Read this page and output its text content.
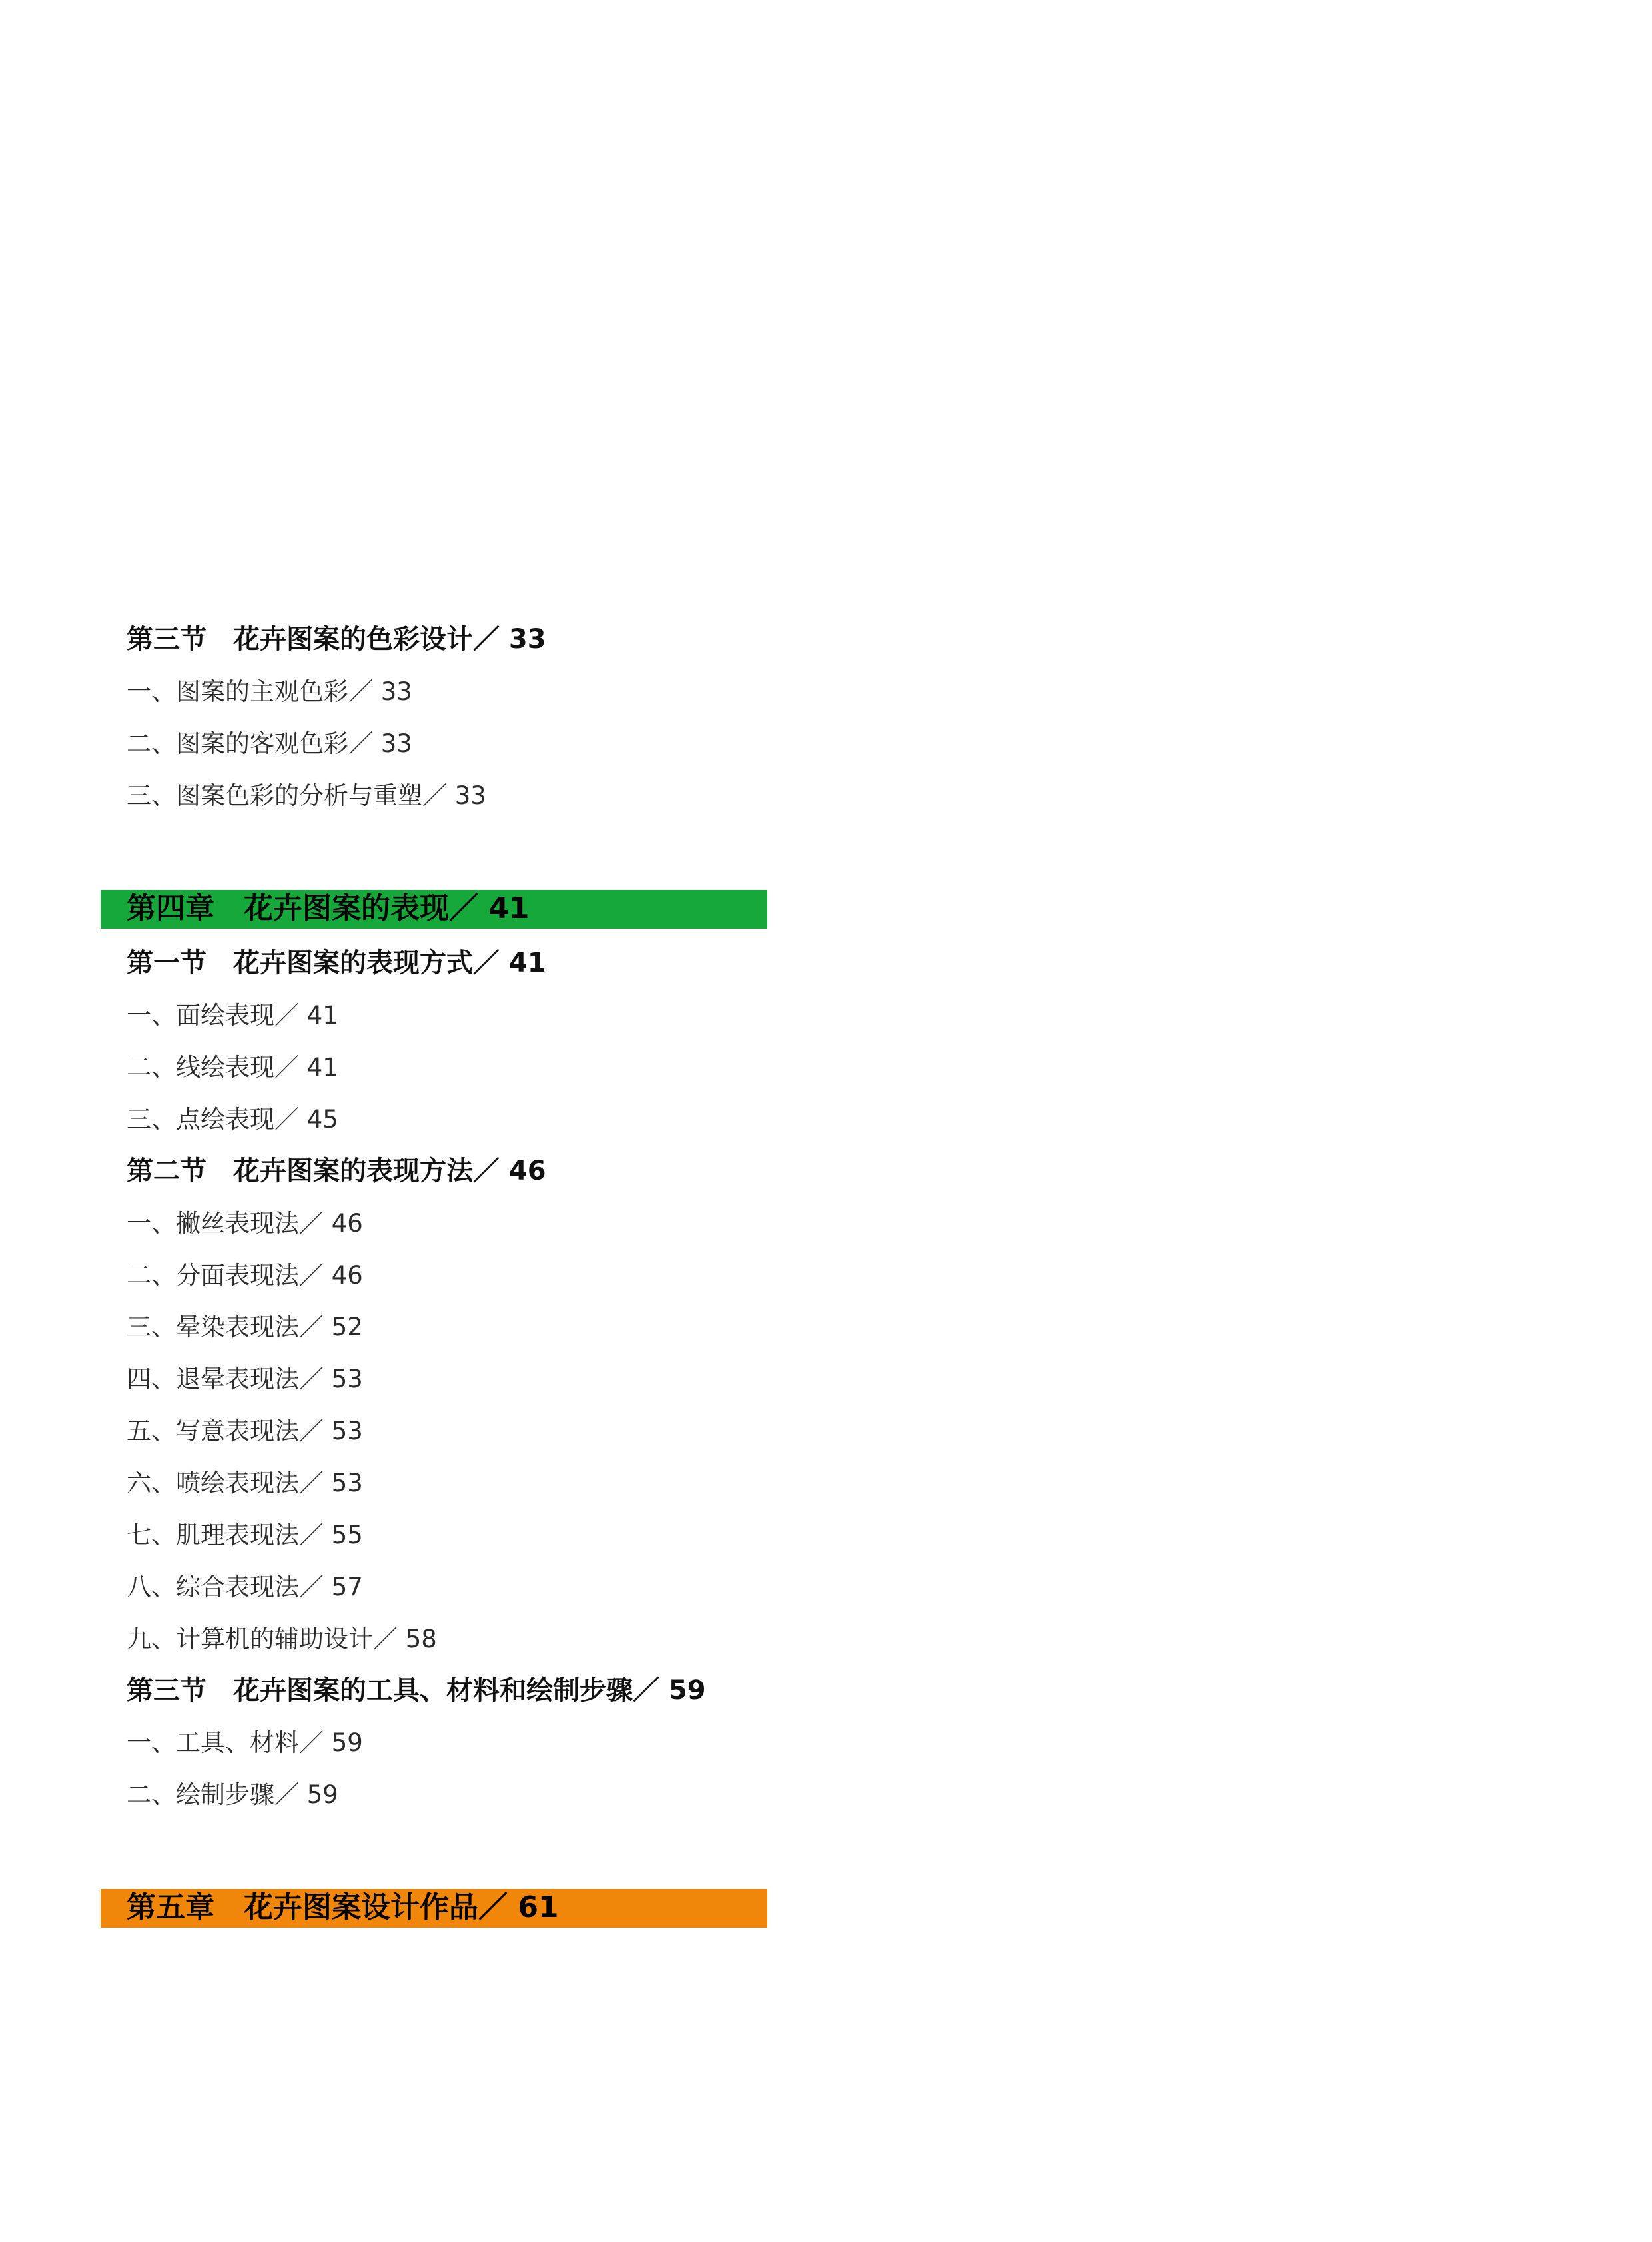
第三节　花卉图案的色彩设计／ 33
一、图案的主观色彩／ 33
二、图案的客观色彩／ 33
三、图案色彩的分析与重塑／ 33
第四章　花卉图案的表现／ 41
第一节　花卉图案的表现方式／ 41
一、面绘表现／ 41
二、线绘表现／ 41
三、点绘表现／ 45
第二节　花卉图案的表现方法／ 46
一、撇丝表现法／ 46
二、分面表现法／ 46
三、晕染表现法／ 52
四、退晕表现法／ 53
五、写意表现法／ 53
六、喷绘表现法／ 53
七、肌理表现法／ 55
八、综合表现法／ 57
九、计算机的辅助设计／ 58
第三节　花卉图案的工具、材料和绘制步骤／ 59
一、工具、材料／ 59
二、绘制步骤／ 59
第五章　花卉图案设计作品／ 61
